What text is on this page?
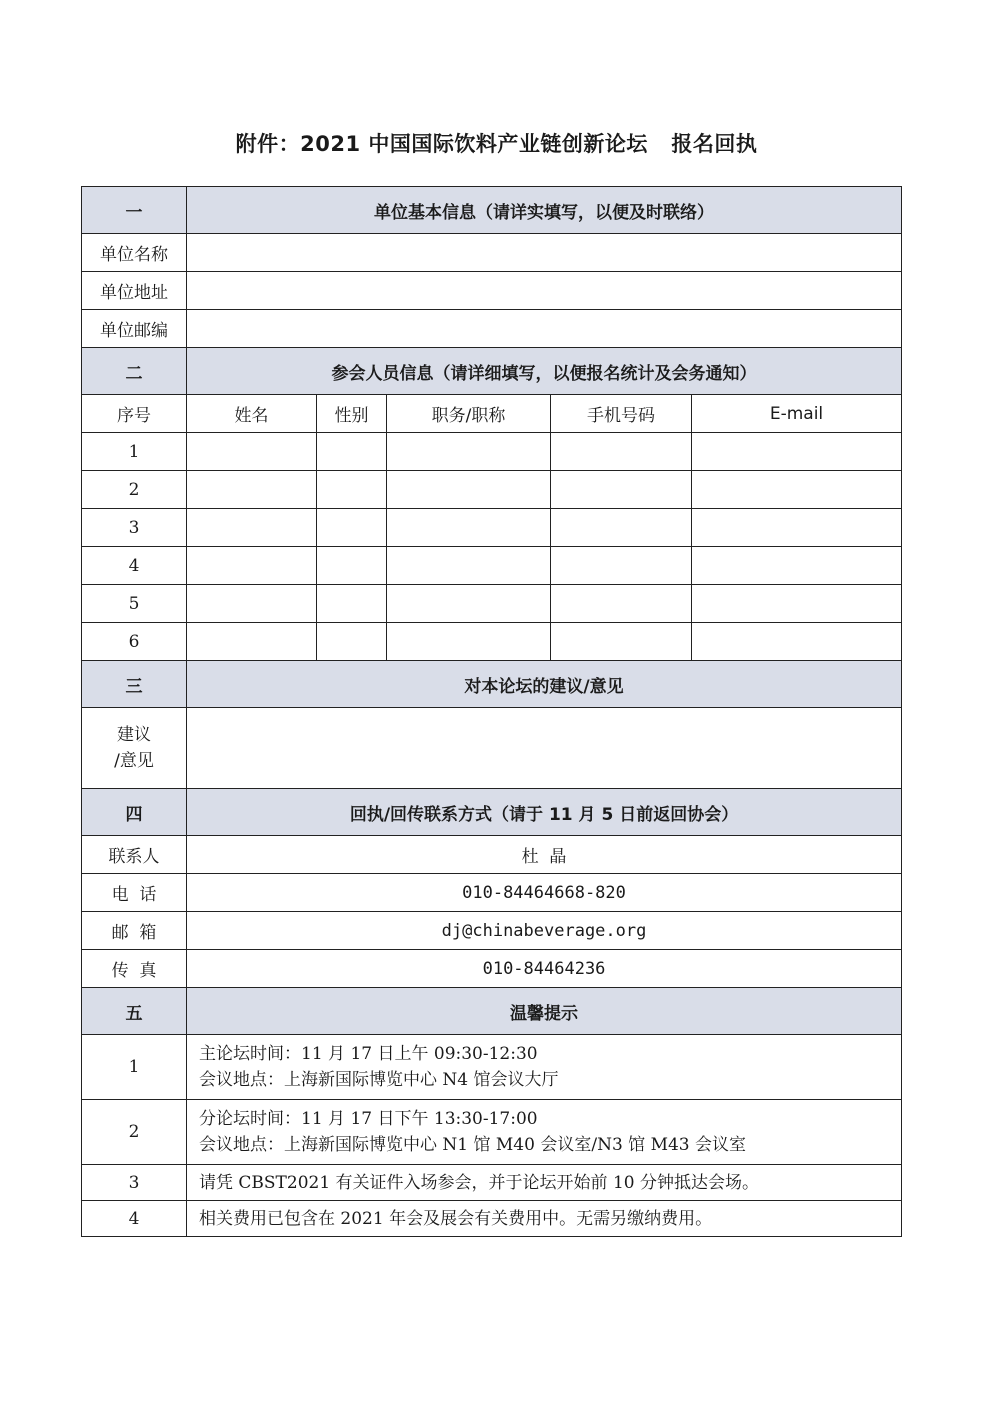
附件：2021 中国国际饮料产业链创新论坛   报名回执
一	单位基本信息（请详实填写，以便及时联络）				
单位名称					
单位地址					
单位邮编					
二	参会人员信息（请详细填写，以便报名统计及会务通知）				
序号	姓名	性别	职务/职称	手机号码	E-mail
1					
2					
3					
4					
5					
6					
三	对本论坛的建议/意见				

建议
/意见					

四	回执/回传联系方式（请于 11 月 5 日前返回协会）				
联系人	杜  晶				
电  话	010-84464668-820				
邮  箱	dj@chinabeverage.org				
传  真	010-84464236				
五	温馨提示				
1	主论坛时间：11 月 17 日上午 09:30-12:30
会议地点：上海新国际博览中心 N4 馆会议大厅				

2	分论坛时间：11 月 17 日下午 13:30-17:00
会议地点：上海新国际博览中心 N1 馆 M40 会议室/N3 馆 M43 会议室				

3	请凭 CBST2021 有关证件入场参会，并于论坛开始前 10 分钟抵达会场。				
4	相关费用已包含在 2021 年会及展会有关费用中。无需另缴纳费用。				
